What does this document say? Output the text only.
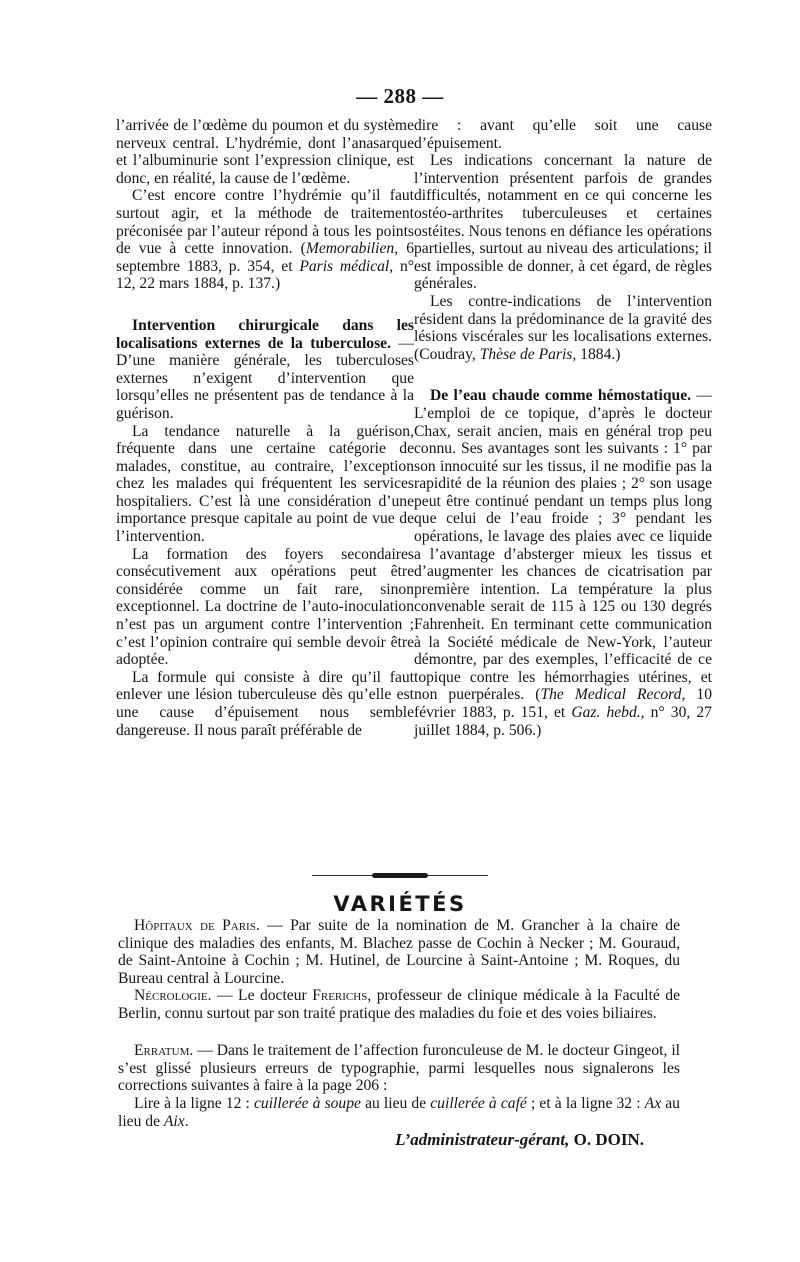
— 288 —

l’arrivée de l’œdème du poumon et du système nerveux central. L’hydrémie, dont l’anasarque et l’albuminurie sont l’expression clinique, est donc, en réalité, la cause de l’œdème.

C’est encore contre l’hydrémie qu’il faut surtout agir, et la méthode de traitement préconisée par l’auteur répond à tous les points de vue à cette innovation. (Memorabilien, 6 septembre 1883, p. 354, et Paris médical, n° 12, 22 mars 1884, p. 137.)

Intervention chirurgicale dans les localisations externes de la tuberculose. — D’une manière générale, les tuberculoses externes n’exigent d’intervention que lorsqu’elles ne présentent pas de tendance à la guérison.

La tendance naturelle à la guérison, fréquente dans une certaine catégorie de malades, constitue, au contraire, l’exception chez les malades qui fréquentent les services hospitaliers. C’est là une considération d’une importance presque capitale au point de vue de l’intervention.

La formation des foyers secondaires consécutivement aux opérations peut être considérée comme un fait rare, sinon exceptionnel. La doctrine de l’auto-inoculation n’est pas un argument contre l’intervention ; c’est l’opinion contraire qui semble devoir être adoptée.

La formule qui consiste à dire qu’il faut enlever une lésion tuberculeuse dès qu’elle est une cause d’épuisement nous semble dangereuse. Il nous paraît préférable de

dire : avant qu’elle soit une cause d’épuisement.

Les indications concernant la nature de l’intervention présentent parfois de grandes difficultés, notamment en ce qui concerne les ostéo-arthrites tuberculeuses et certaines ostéites. Nous tenons en défiance les opérations partielles, surtout au niveau des articulations; il est impossible de donner, à cet égard, de règles générales.

Les contre-indications de l’intervention résident dans la prédominance de la gravité des lésions viscérales sur les localisations externes. (Coudray, Thèse de Paris, 1884.)

De l’eau chaude comme hémostatique. — L’emploi de ce topique, d’après le docteur Chax, serait ancien, mais en général trop peu connu. Ses avantages sont les suivants : 1° par son innocuité sur les tissus, il ne modifie pas la rapidité de la réunion des plaies ; 2° son usage peut être continué pendant un temps plus long que celui de l’eau froide ; 3° pendant les opérations, le lavage des plaies avec ce liquide a l’avantage d’absterger mieux les tissus et d’augmenter les chances de cicatrisation par première intention. La température la plus convenable serait de 115 à 125 ou 130 degrés Fahrenheit. En terminant cette communication à la Société médicale de New-York, l’auteur démontre, par des exemples, l’efficacité de ce topique contre les hémorrhagies utérines, et non puerpérales. (The Medical Record, 10 février 1883, p. 151, et Gaz. hebd., n° 30, 27 juillet 1884, p. 506.)

VARIÉTÉS

Hôpitaux de Paris. — Par suite de la nomination de M. Grancher à la chaire de clinique des maladies des enfants, M. Blachez passe de Cochin à Necker ; M. Gouraud, de Saint-Antoine à Cochin ; M. Hutinel, de Lourcine à Saint-Antoine ; M. Roques, du Bureau central à Lourcine.

Nécrologie. — Le docteur Frerichs, professeur de clinique médicale à la Faculté de Berlin, connu surtout par son traité pratique des maladies du foie et des voies biliaires.

Erratum. — Dans le traitement de l’affection furonculeuse de M. le docteur Gingeot, il s’est glissé plusieurs erreurs de typographie, parmi lesquelles nous signalerons les corrections suivantes à faire à la page 206 :

Lire à la ligne 12 : cuillerée à soupe au lieu de cuillerée à café ; et à la ligne 32 : Ax au lieu de Aix.

L’administrateur-gérant, O. DOIN.
